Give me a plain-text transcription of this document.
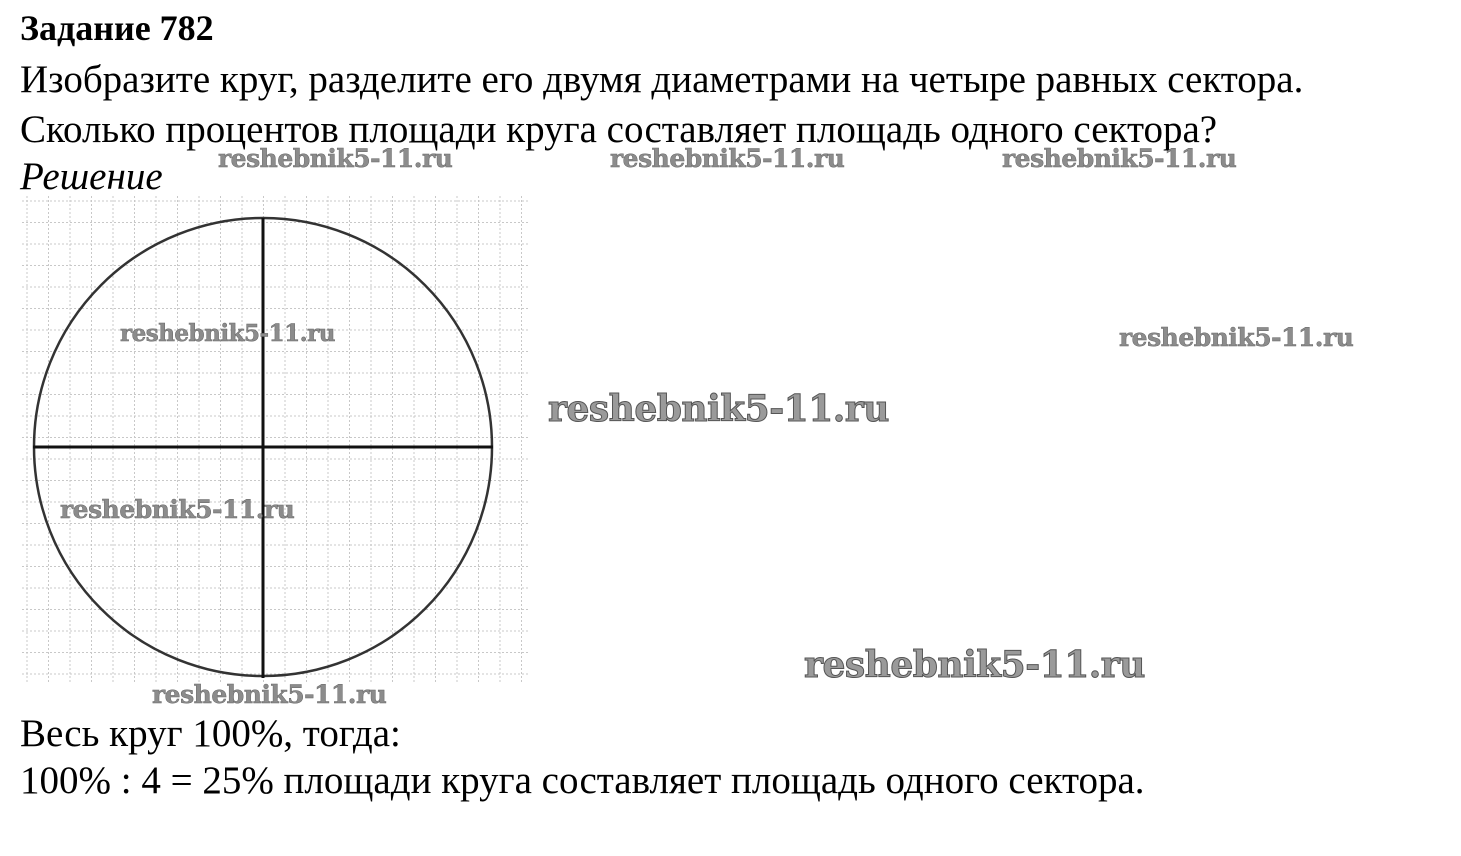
Задание 782
Изобразите круг, разделите его двумя диаметрами на четыре равных сектора.
Сколько процентов площади круга составляет площадь одного сектора?
Решение
Весь круг 100%, тогда:
100% : 4 = 25% площади круга составляет площадь одного сектора.
reshebnik5-11.ru	reshebnik5-11.ru	reshebnik5-11.ru
reshebnik5-11.ru	reshebnik5-11.ru
reshebnik5-11.ru
reshebnik5-11.ru
reshebnik5-11.ru
reshebnik5-11.ru
